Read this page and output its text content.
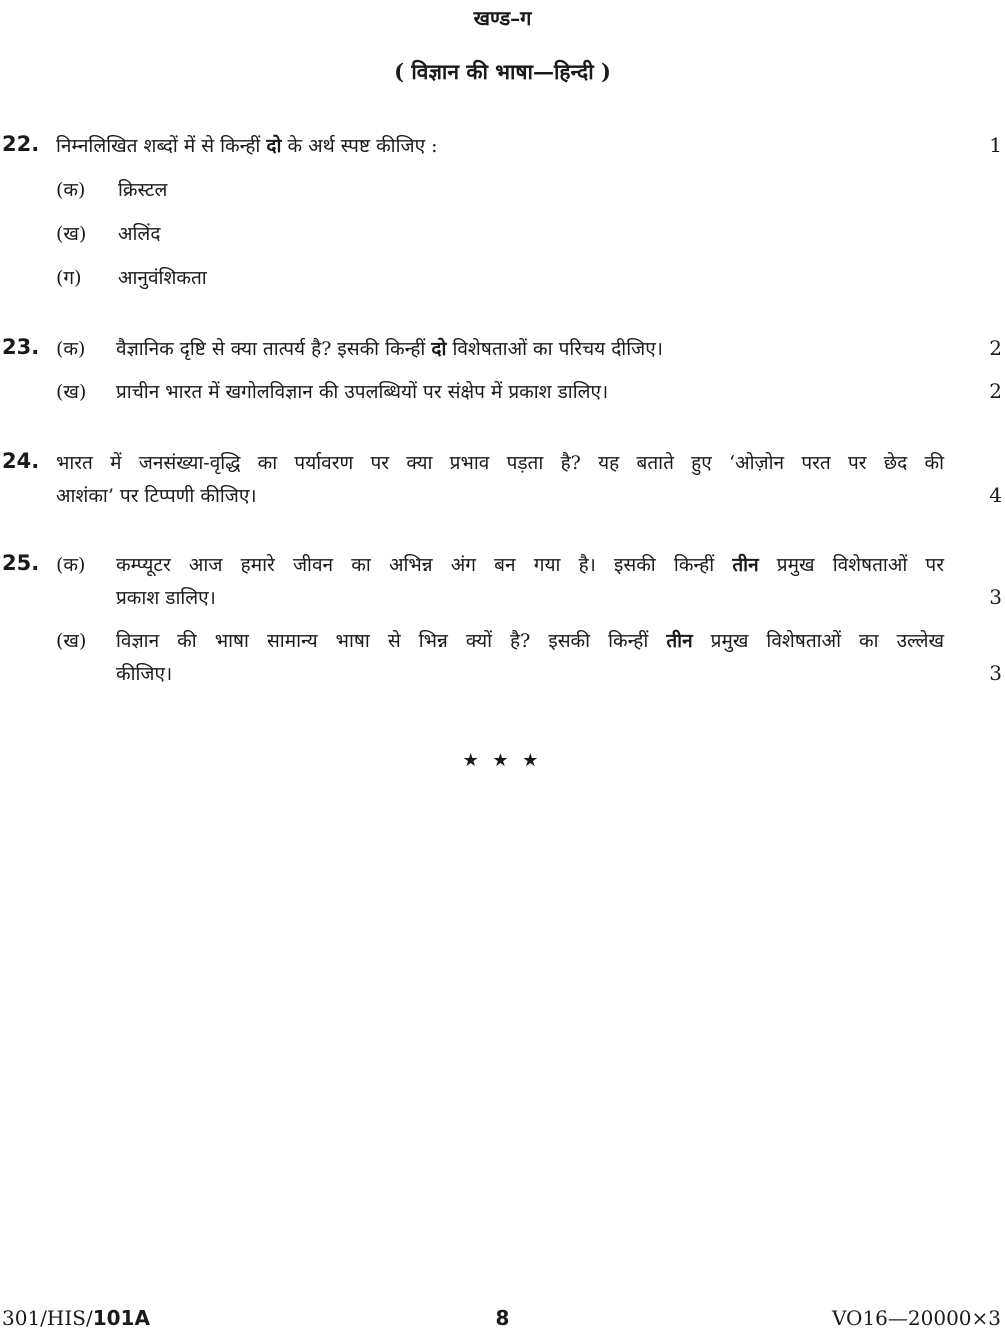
खण्ड–ग
( विज्ञान की भाषा—हिन्दी )
22. निम्नलिखित शब्दों में से किन्हीं दो के अर्थ स्पष्ट कीजिए :	1
(क) क्रिस्टल
(ख) अलिंद
(ग) आनुवंशिकता
23. (क) वैज्ञानिक दृष्टि से क्या तात्पर्य है? इसकी किन्हीं दो विशेषताओं का परिचय दीजिए।	2
(ख) प्राचीन भारत में खगोलविज्ञान की उपलब्धियों पर संक्षेप में प्रकाश डालिए।	2
24. भारत में जनसंख्या-वृद्धि का पर्यावरण पर क्या प्रभाव पड़ता है? यह बताते हुए ‘ओज़ोन परत पर छेद की
आशंका’ पर टिप्पणी कीजिए।	4
25. (क) कम्प्यूटर आज हमारे जीवन का अभिन्न अंग बन गया है। इसकी किन्हीं तीन प्रमुख विशेषताओं पर
प्रकाश डालिए।	3
(ख) विज्ञान की भाषा सामान्य भाषा से भिन्न क्यों है? इसकी किन्हीं तीन प्रमुख विशेषताओं का उल्लेख
कीजिए।	3
★ ★ ★
301/HIS/101A	8	VO16—20000×3
